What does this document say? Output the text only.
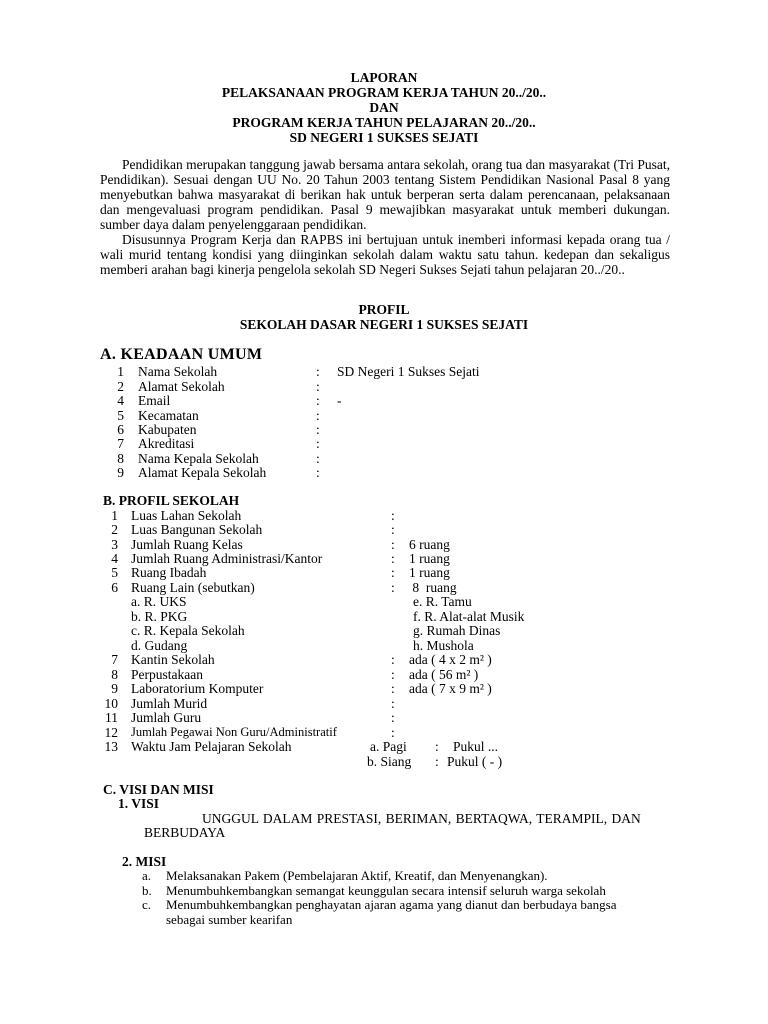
LAPORAN
PELAKSANAAN PROGRAM KERJA TAHUN 20../20..
DAN
PROGRAM KERJA TAHUN PELAJARAN 20../20..
SD NEGERI 1 SUKSES SEJATI

Pendidikan merupakan tanggung jawab bersama antara sekolah, orang tua dan masyarakat (Tri Pusat, Pendidikan). Sesuai dengan UU No. 20 Tahun 2003 tentang Sistem Pendidikan Nasional Pasal 8 yang menyebutkan bahwa masyarakat di berikan hak untuk berperan serta dalam perencanaan, pelaksanaan dan mengevaluasi program pendidikan. Pasal 9 mewajibkan masyarakat untuk memberi dukungan. sumber daya dalam penyelenggaraan pendidikan.

Disusunnya Program Kerja dan RAPBS ini bertujuan untuk inemberi informasi kepada orang tua / wali murid tentang kondisi yang diinginkan sekolah dalam waktu satu tahun. kedepan dan sekaligus memberi arahan bagi kinerja pengelola sekolah SD Negeri Sukses Sejati tahun pelajaran 20../20..

PROFIL
SEKOLAH DASAR NEGERI 1 SUKSES SEJATI
A. KEADAAN UMUM
1 Nama Sekolah	: SD Negeri 1 Sukses Sejati
2 Alamat Sekolah	:
4 Email	: -
5 Kecamatan	:
6 Kabupaten	:
7 Akreditasi	:
8 Nama Kepala Sekolah	:
9 Alamat Kepala Sekolah	:
B. PROFIL SEKOLAH
1 Luas Lahan Sekolah	:
2 Luas Bangunan Sekolah	:
3 Jumlah Ruang Kelas	: 6 ruang
4 Jumlah Ruang Administrasi/Kantor	: 1 ruang
5 Ruang Ibadah	: 1 ruang
6 Ruang Lain (sebutkan)	: 8  ruang
a. R. UKS	e. R. Tamu
b. R. PKG	f. R. Alat-alat Musik
c. R. Kepala Sekolah	g. Rumah Dinas
d. Gudang	h. Mushola
7 Kantin Sekolah	: ada ( 4 x 2 m² )
8 Perpustakaan	: ada ( 56 m² )
9 Laboratorium Komputer	: ada ( 7 x 9 m² )
10 Jumlah Murid	:
11 Jumlah Guru	:
12 Jumlah Pegawai Non Guru/Administratif	:
13 Waktu Jam Pelajaran Sekolah	a. Pagi : Pukul ...
b. Siang : Pukul ( - )
C. VISI DAN MISI
1. VISI
UNGGUL DALAM PRESTASI, BERIMAN, BERTAQWA, TERAMPIL, DAN
BERBUDAYA
2. MISI
a. Melaksanakan Pakem (Pembelajaran Aktif, Kreatif, dan Menyenangkan).
b. Menumbuhkembangkan semangat keunggulan secara intensif seluruh warga sekolah
c. Menumbuhkembangkan penghayatan ajaran agama yang dianut dan berbudaya bangsa sebagai sumber kearifan
